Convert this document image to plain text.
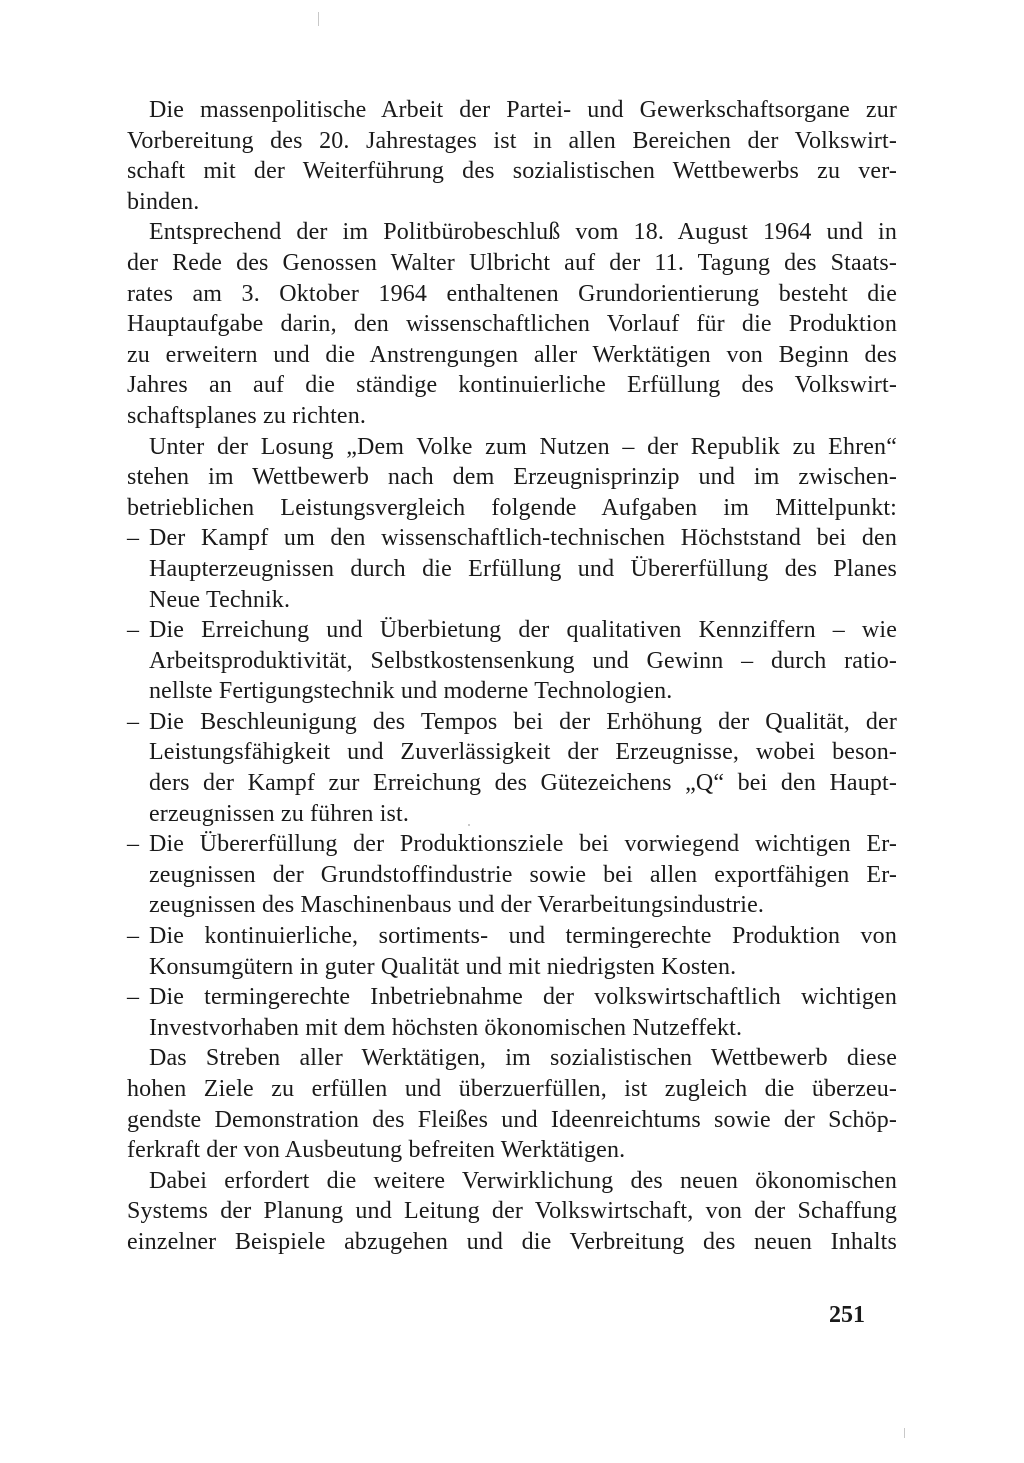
Die massenpolitische Arbeit der Partei- und Gewerkschaftsorgane zur
Vorbereitung des 20. Jahrestages ist in allen Bereichen der Volkswirt-
schaft mit der Weiterführung des sozialistischen Wettbewerbs zu ver-
binden.
Entsprechend der im Politbürobeschluß vom 18. August 1964 und in
der Rede des Genossen Walter Ulbricht auf der 11. Tagung des Staats-
rates am 3. Oktober 1964 enthaltenen Grundorientierung besteht die
Hauptaufgabe darin, den wissenschaftlichen Vorlauf für die Produktion
zu erweitern und die Anstrengungen aller Werktätigen von Beginn des
Jahres an auf die ständige kontinuierliche Erfüllung des Volkswirt-
schaftsplanes zu richten.
Unter der Losung „Dem Volke zum Nutzen – der Republik zu Ehren“
stehen im Wettbewerb nach dem Erzeugnisprinzip und im zwischen-
betrieblichen Leistungsvergleich folgende Aufgaben im Mittelpunkt:
– Der Kampf um den wissenschaftlich-technischen Höchststand bei den
Haupterzeugnissen durch die Erfüllung und Übererfüllung des Planes
Neue Technik.
– Die Erreichung und Überbietung der qualitativen Kennziffern – wie
Arbeitsproduktivität, Selbstkostensenkung und Gewinn – durch ratio-
nellste Fertigungstechnik und moderne Technologien.
– Die Beschleunigung des Tempos bei der Erhöhung der Qualität, der
Leistungsfähigkeit und Zuverlässigkeit der Erzeugnisse, wobei beson-
ders der Kampf zur Erreichung des Gütezeichens „Q“ bei den Haupt-
erzeugnissen zu führen ist.
– Die Übererfüllung der Produktionsziele bei vorwiegend wichtigen Er-
zeugnissen der Grundstoffindustrie sowie bei allen exportfähigen Er-
zeugnissen des Maschinenbaus und der Verarbeitungsindustrie.
– Die kontinuierliche, sortiments- und termingerechte Produktion von
Konsumgütern in guter Qualität und mit niedrigsten Kosten.
– Die termingerechte Inbetriebnahme der volkswirtschaftlich wichtigen
Investvorhaben mit dem höchsten ökonomischen Nutzeffekt.
Das Streben aller Werktätigen, im sozialistischen Wettbewerb diese
hohen Ziele zu erfüllen und überzuerfüllen, ist zugleich die überzeu-
gendste Demonstration des Fleißes und Ideenreichtums sowie der Schöp-
ferkraft der von Ausbeutung befreiten Werktätigen.
Dabei erfordert die weitere Verwirklichung des neuen ökonomischen
Systems der Planung und Leitung der Volkswirtschaft, von der Schaffung
einzelner Beispiele abzugehen und die Verbreitung des neuen Inhalts
251
